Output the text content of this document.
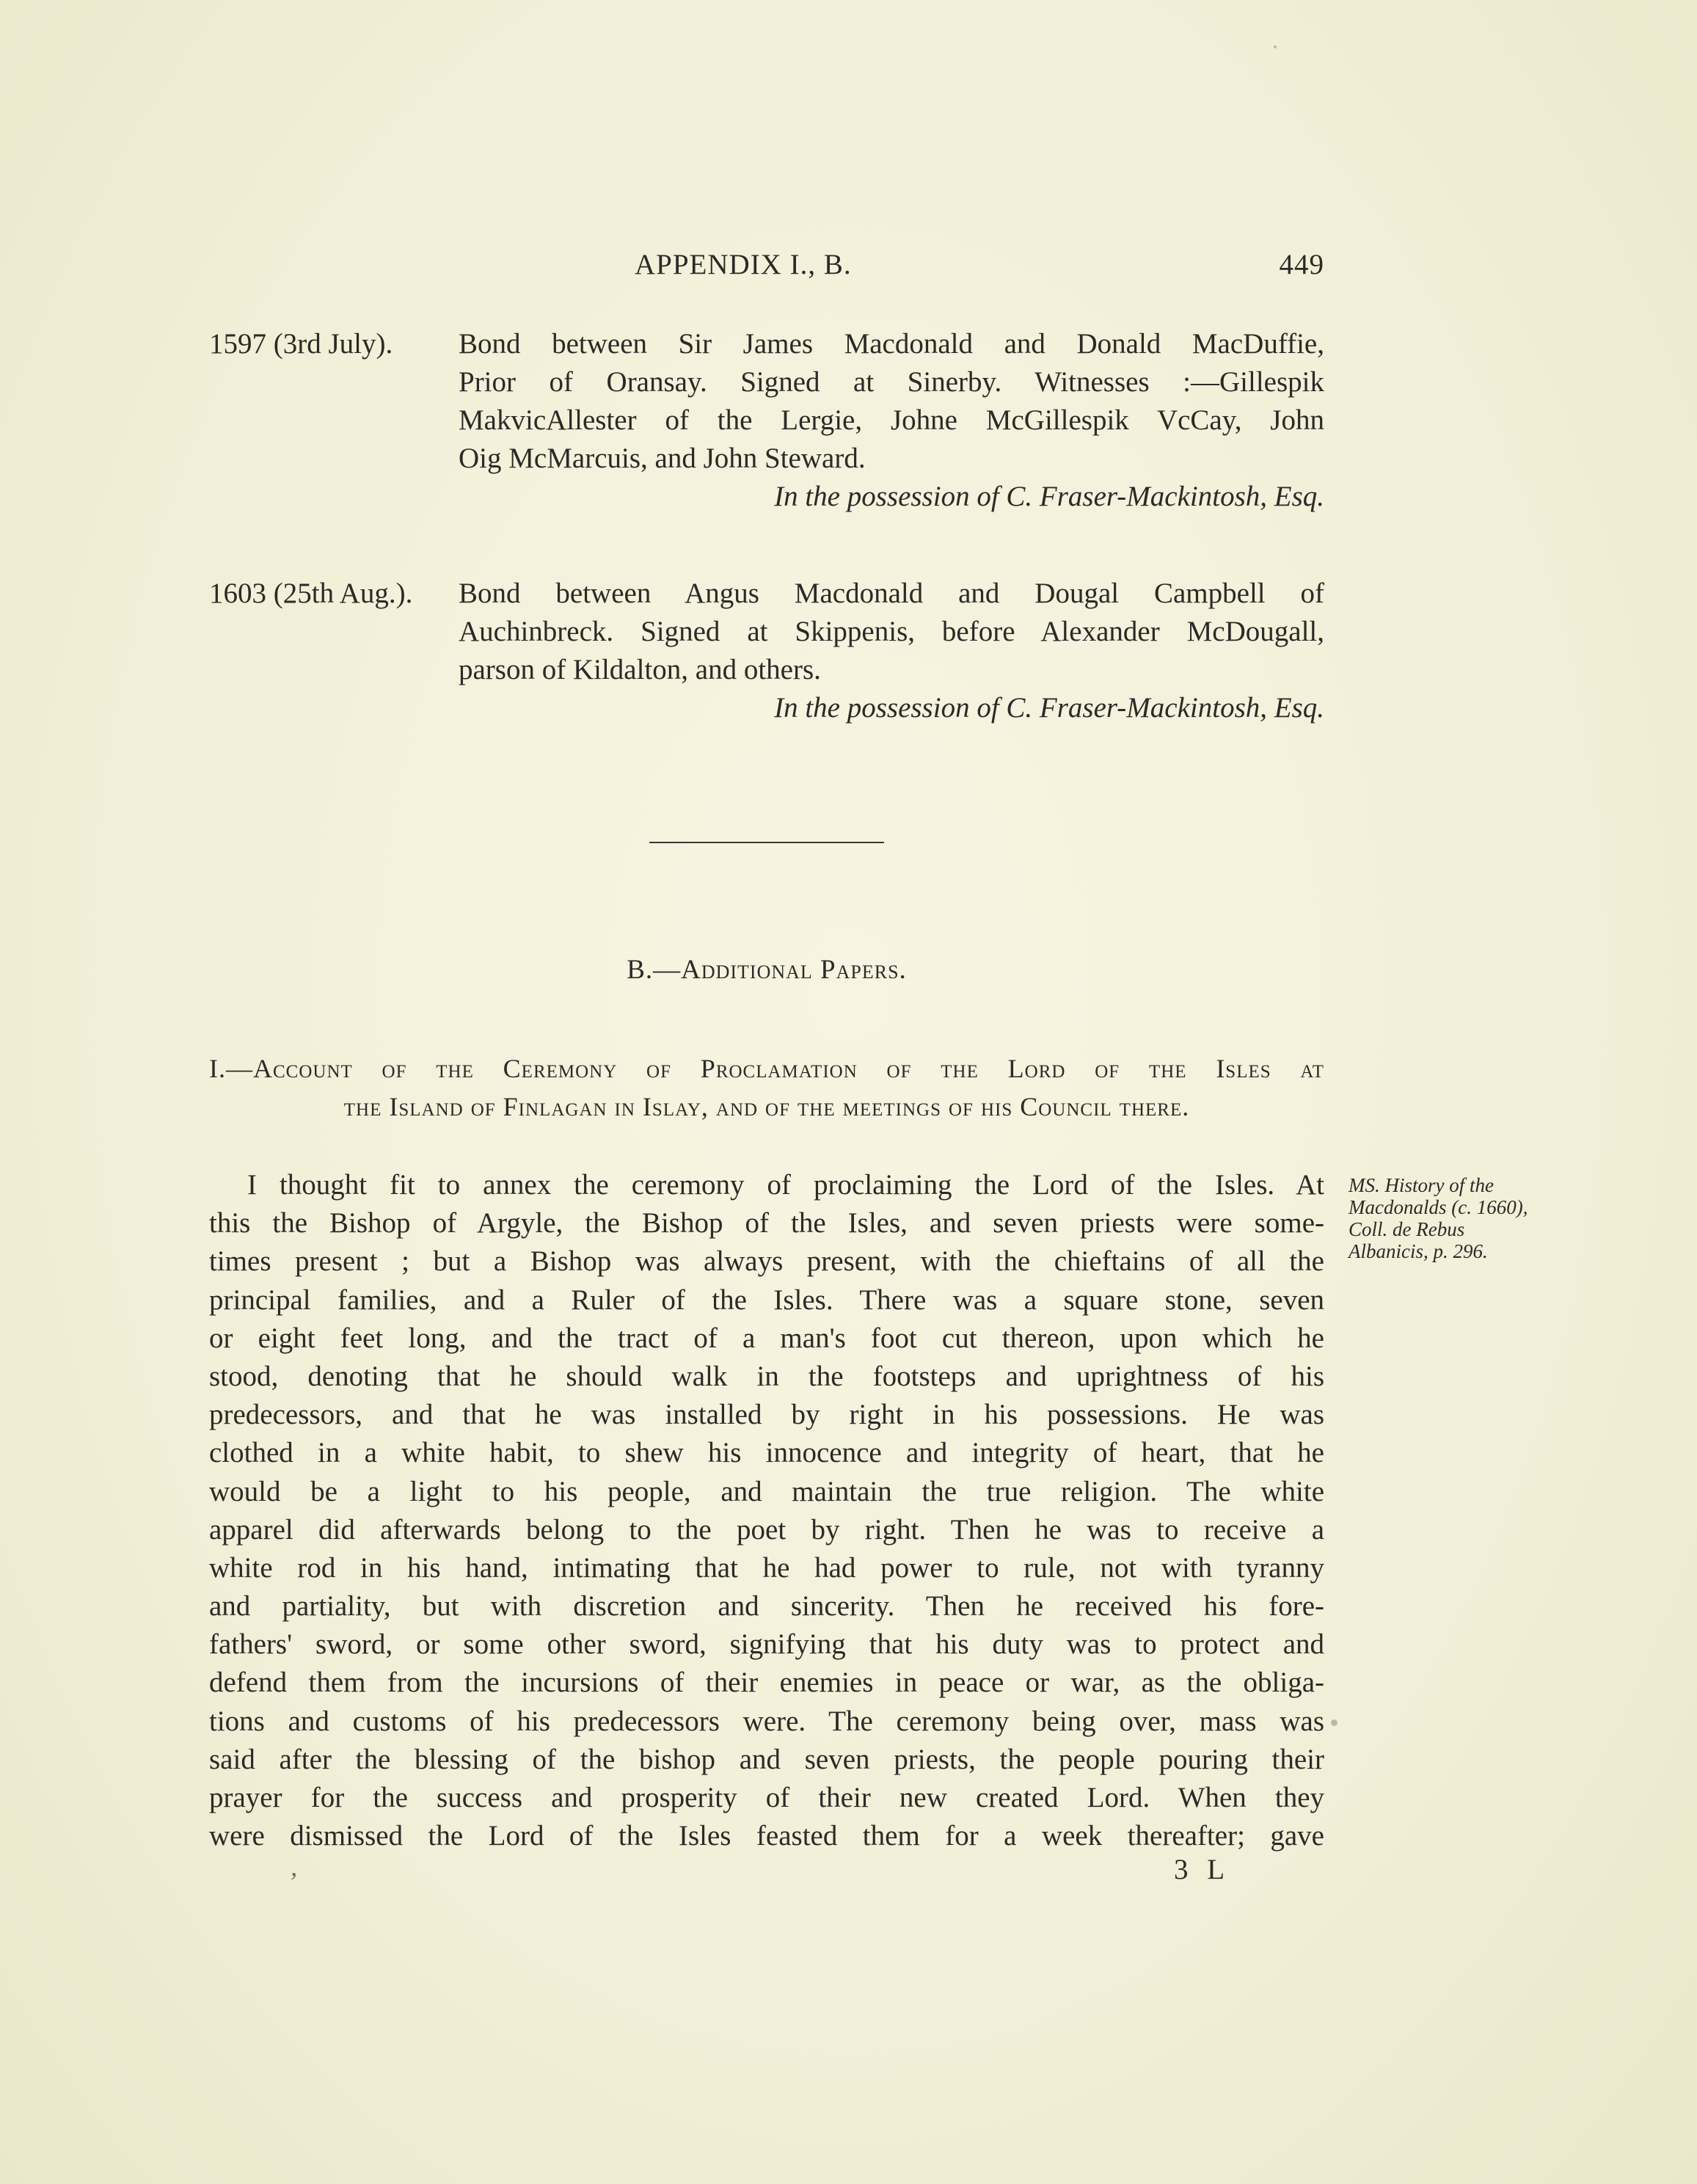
APPENDIX I., B.	449
1597 (3rd July). Bond between Sir James Macdonald and Donald MacDuffie,
Prior of Oransay. Signed at Sinerby. Witnesses :—Gillespik
MakvicAllester of the Lergie, Johne McGillespik VcCay, John
Oig McMarcuis, and John Steward.
In the possession of C. Fraser-Mackintosh, Esq.
1603 (25th Aug.). Bond between Angus Macdonald and Dougal Campbell of
Auchinbreck. Signed at Skippenis, before Alexander McDougall,
parson of Kildalton, and others.
In the possession of C. Fraser-Mackintosh, Esq.
B.—Additional Papers.
I.—Account of the Ceremony of Proclamation of the Lord of the Isles at
the Island of Finlagan in Islay, and of the meetings of his Council there.
I thought fit to annex the ceremony of proclaiming the Lord of the Isles. At
this the Bishop of Argyle, the Bishop of the Isles, and seven priests were some-
times present ; but a Bishop was always present, with the chieftains of all the
principal families, and a Ruler of the Isles. There was a square stone, seven
or eight feet long, and the tract of a man's foot cut thereon, upon which he
stood, denoting that he should walk in the footsteps and uprightness of his
predecessors, and that he was installed by right in his possessions. He was
clothed in a white habit, to shew his innocence and integrity of heart, that he
would be a light to his people, and maintain the true religion. The white
apparel did afterwards belong to the poet by right. Then he was to receive a
white rod in his hand, intimating that he had power to rule, not with tyranny
and partiality, but with discretion and sincerity. Then he received his fore-
fathers' sword, or some other sword, signifying that his duty was to protect and
defend them from the incursions of their enemies in peace or war, as the obliga-
tions and customs of his predecessors were. The ceremony being over, mass was
said after the blessing of the bishop and seven priests, the people pouring their
prayer for the success and prosperity of their new created Lord. When they
were dismissed the Lord of the Isles feasted them for a week thereafter; gave
MS. History of the
Macdonalds (c. 1660),
Coll. de Rebus
Albanicis, p. 296.
ʼ	3 L
